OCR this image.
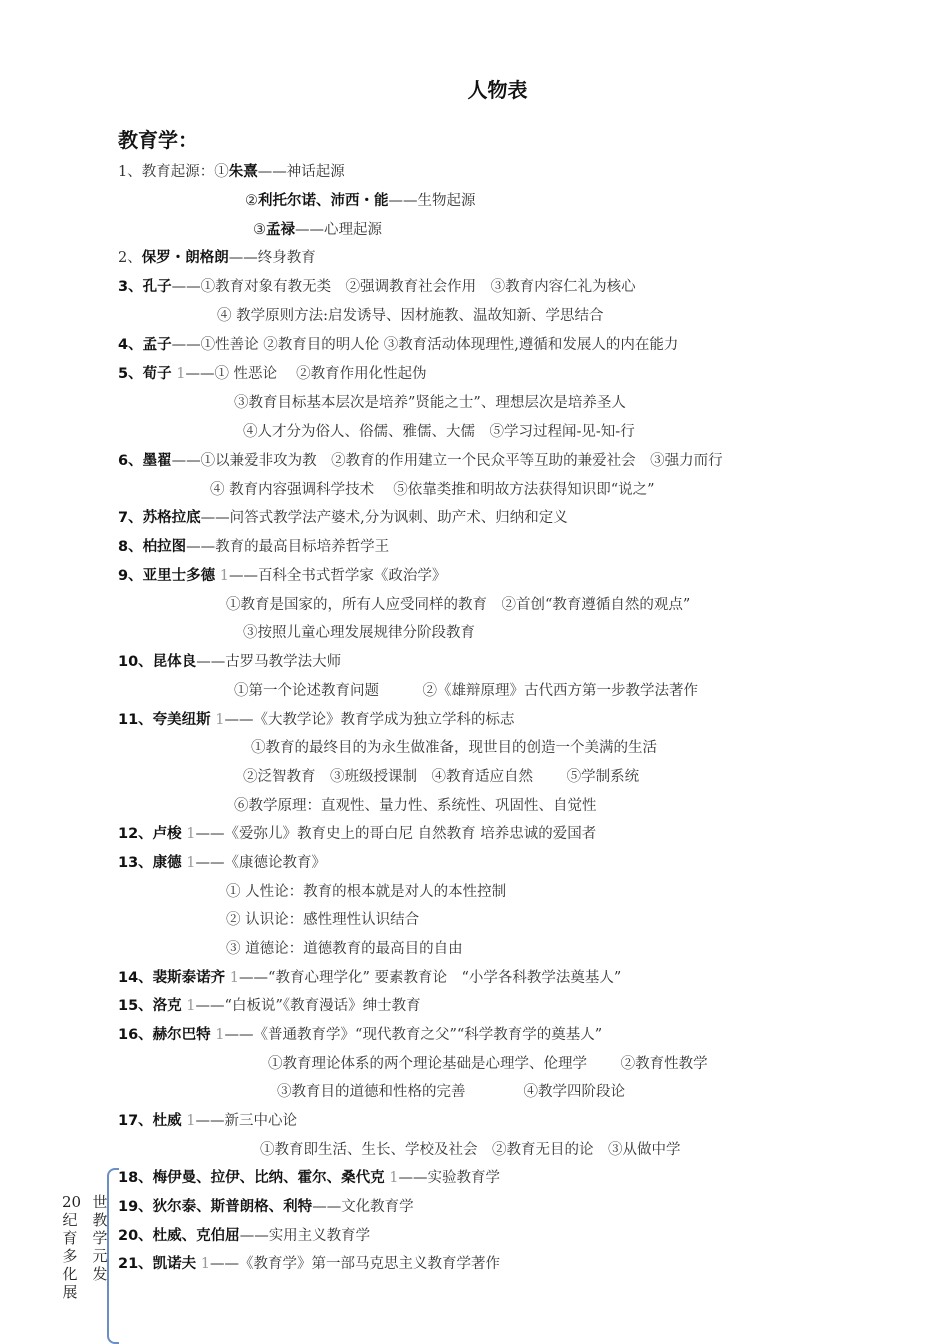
人物表
教育学：
1、教育起源：①朱熹——神话起源
②利托尔诺、沛西・能——生物起源
③孟禄——心理起源
2、保罗・朗格朗——终身教育
3、孔子——①教育对象有教无类　②强调教育社会作用　③教育内容仁礼为核心
④ 教学原则方法:启发诱导、因材施教、温故知新、学思结合
4、孟子——①性善论 ②教育目的明人伦 ③教育活动体现理性,遵循和发展人的内在能力
5、荀子 1——① 性恶论　 ②教育作用化性起伪
③教育目标基本层次是培养”贤能之士”、理想层次是培养圣人
④人才分为俗人、俗儒、雅儒、大儒　⑤学习过程闻-见-知-行
6、墨翟——①以兼爱非攻为教　②教育的作用建立一个民众平等互助的兼爱社会　③强力而行
④ 教育内容强调科学技术　 ⑤依靠类推和明故方法获得知识即“说之”
7、苏格拉底——问答式教学法产婆术,分为讽刺、助产术、归纳和定义
8、柏拉图——教育的最高目标培养哲学王
9、亚里士多德 1——百科全书式哲学家《政治学》
①教育是国家的，所有人应受同样的教育　②首创“教育遵循自然的观点”
③按照儿童心理发展规律分阶段教育
10、昆体良——古罗马教学法大师
①第一个论述教育问题　　　②《雄辩原理》古代西方第一步教学法著作
11、夸美纽斯 1——《大教学论》教育学成为独立学科的标志
①教育的最终目的为永生做准备，现世目的创造一个美满的生活
②泛智教育　③班级授课制　④教育适应自然　　 ⑤学制系统
⑥教学原理：直观性、量力性、系统性、巩固性、自觉性
12、卢梭 1——《爱弥儿》教育史上的哥白尼 自然教育 培养忠诚的爱国者
13、康德 1——《康德论教育》
① 人性论：教育的根本就是对人的本性控制
② 认识论：感性理性认识结合
③ 道德论：道德教育的最高目的自由
14、裴斯泰诺齐 1——“教育心理学化” 要素教育论　“小学各科教学法奠基人”
15、洛克 1——“白板说”《教育漫话》绅士教育
16、赫尔巴特 1——《普通教育学》“现代教育之父”“科学教育学的奠基人”
①教育理论体系的两个理论基础是心理学、伦理学　　 ②教育性教学
③教育目的道德和性格的完善　　　　④教学四阶段论
17、杜威 1——新三中心论
①教育即生活、生长、学校及社会　②教育无目的论　③从做中学
18、梅伊曼、拉伊、比纳、霍尔、桑代克 1——实验教育学
19、狄尔泰、斯普朗格、利特——文化教育学
20、杜威、克伯屈——实用主义教育学
21、凯诺夫 1——《教育学》第一部马克思主义教育学著作
20
纪
育
多
化
展
世
教
学
元
发
